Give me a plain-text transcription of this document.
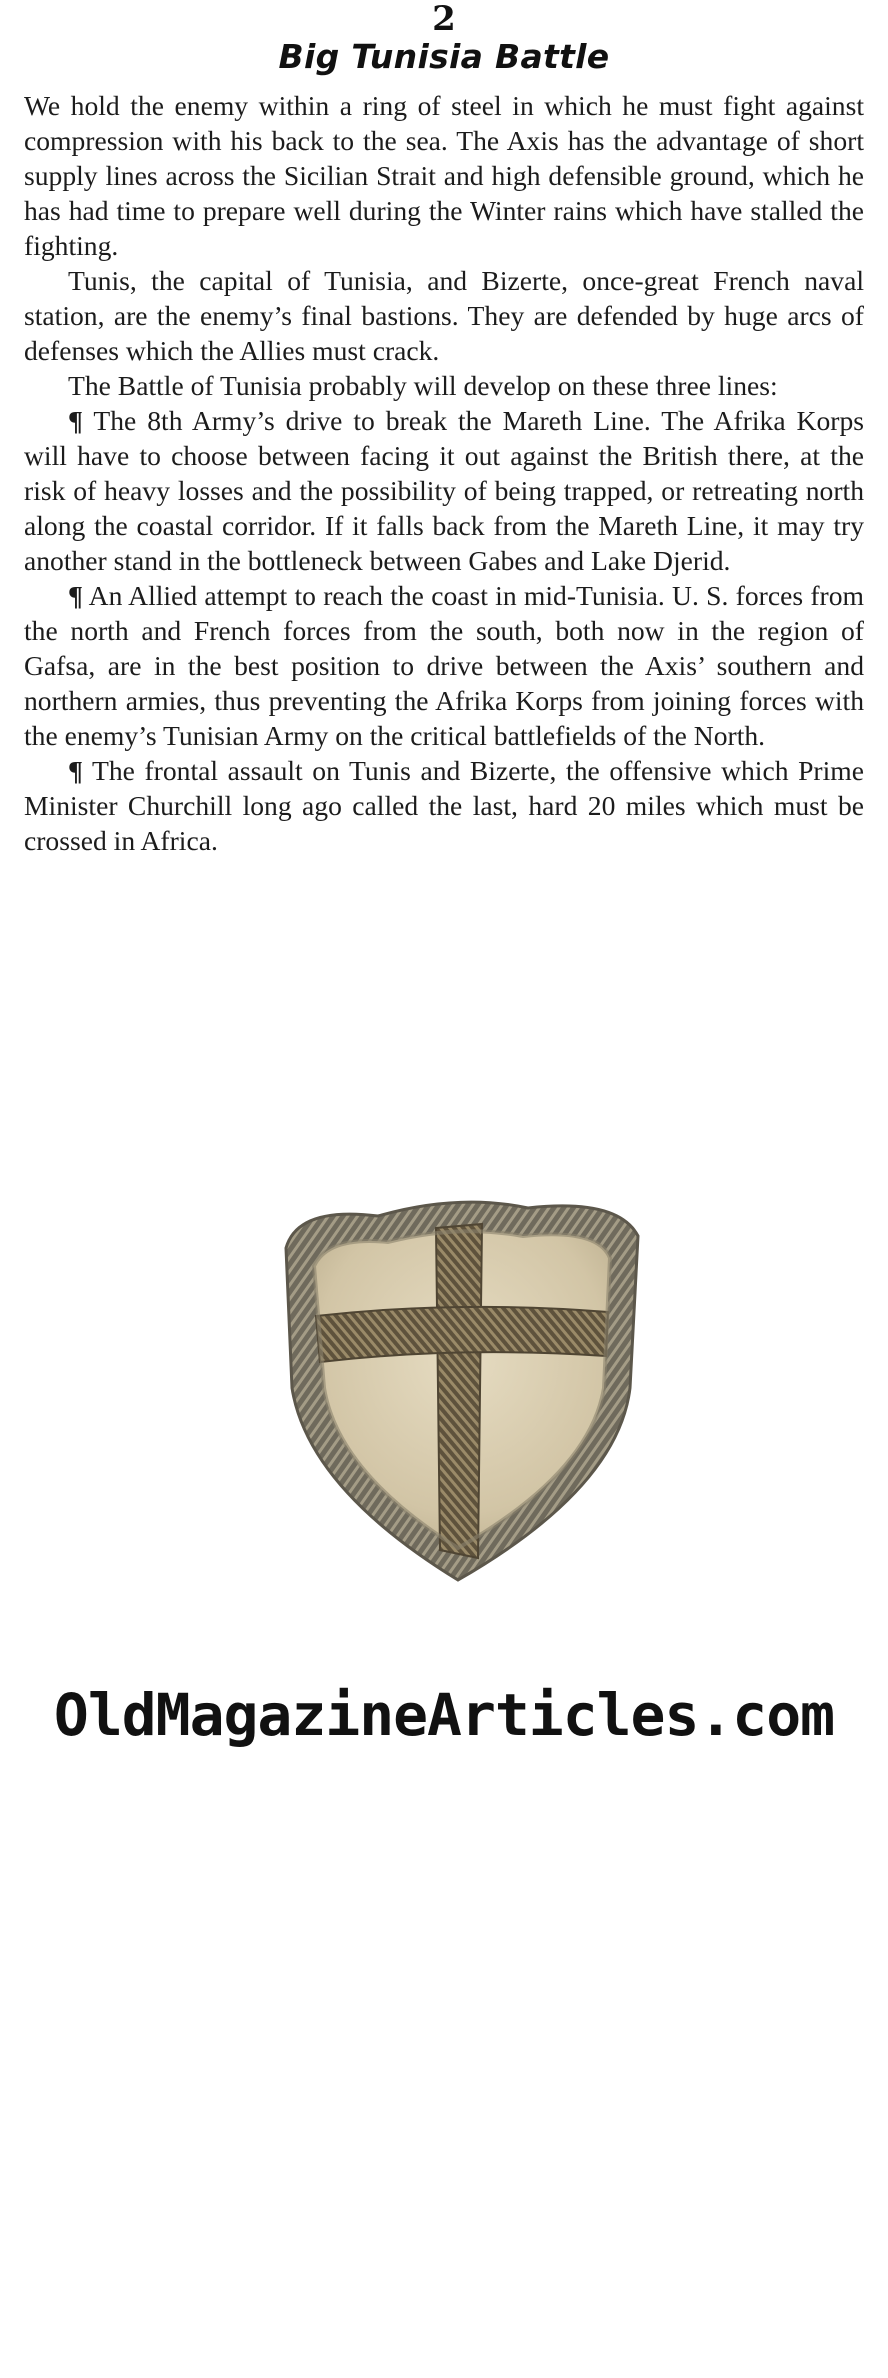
2
Big Tunisia Battle

We hold the enemy within a ring of steel in which he must fight against compression with his back to the sea. The Axis has the advantage of short supply lines across the Sicilian Strait and high defensible ground, which he has had time to prepare well during the Winter rains which have stalled the fighting.

Tunis, the capital of Tunisia, and Bizerte, once-great French naval station, are the enemy’s final bastions. They are defended by huge arcs of defenses which the Allies must crack.

The Battle of Tunisia probably will develop on these three lines:

¶ The 8th Army’s drive to break the Mareth Line. The Afrika Korps will have to choose between facing it out against the British there, at the risk of heavy losses and the possibility of being trapped, or retreating north along the coastal corridor. If it falls back from the Mareth Line, it may try another stand in the bottleneck between Gabes and Lake Djerid.

¶ An Allied attempt to reach the coast in mid-Tunisia. U. S. forces from the north and French forces from the south, both now in the region of Gafsa, are in the best position to drive between the Axis’ southern and northern armies, thus preventing the Afrika Korps from joining forces with the enemy’s Tunisian Army on the critical battlefields of the North.

¶ The frontal assault on Tunis and Bizerte, the offensive which Prime Minister Churchill long ago called the last, hard 20 miles which must be crossed in Africa.

OldMagazineArticles.com
